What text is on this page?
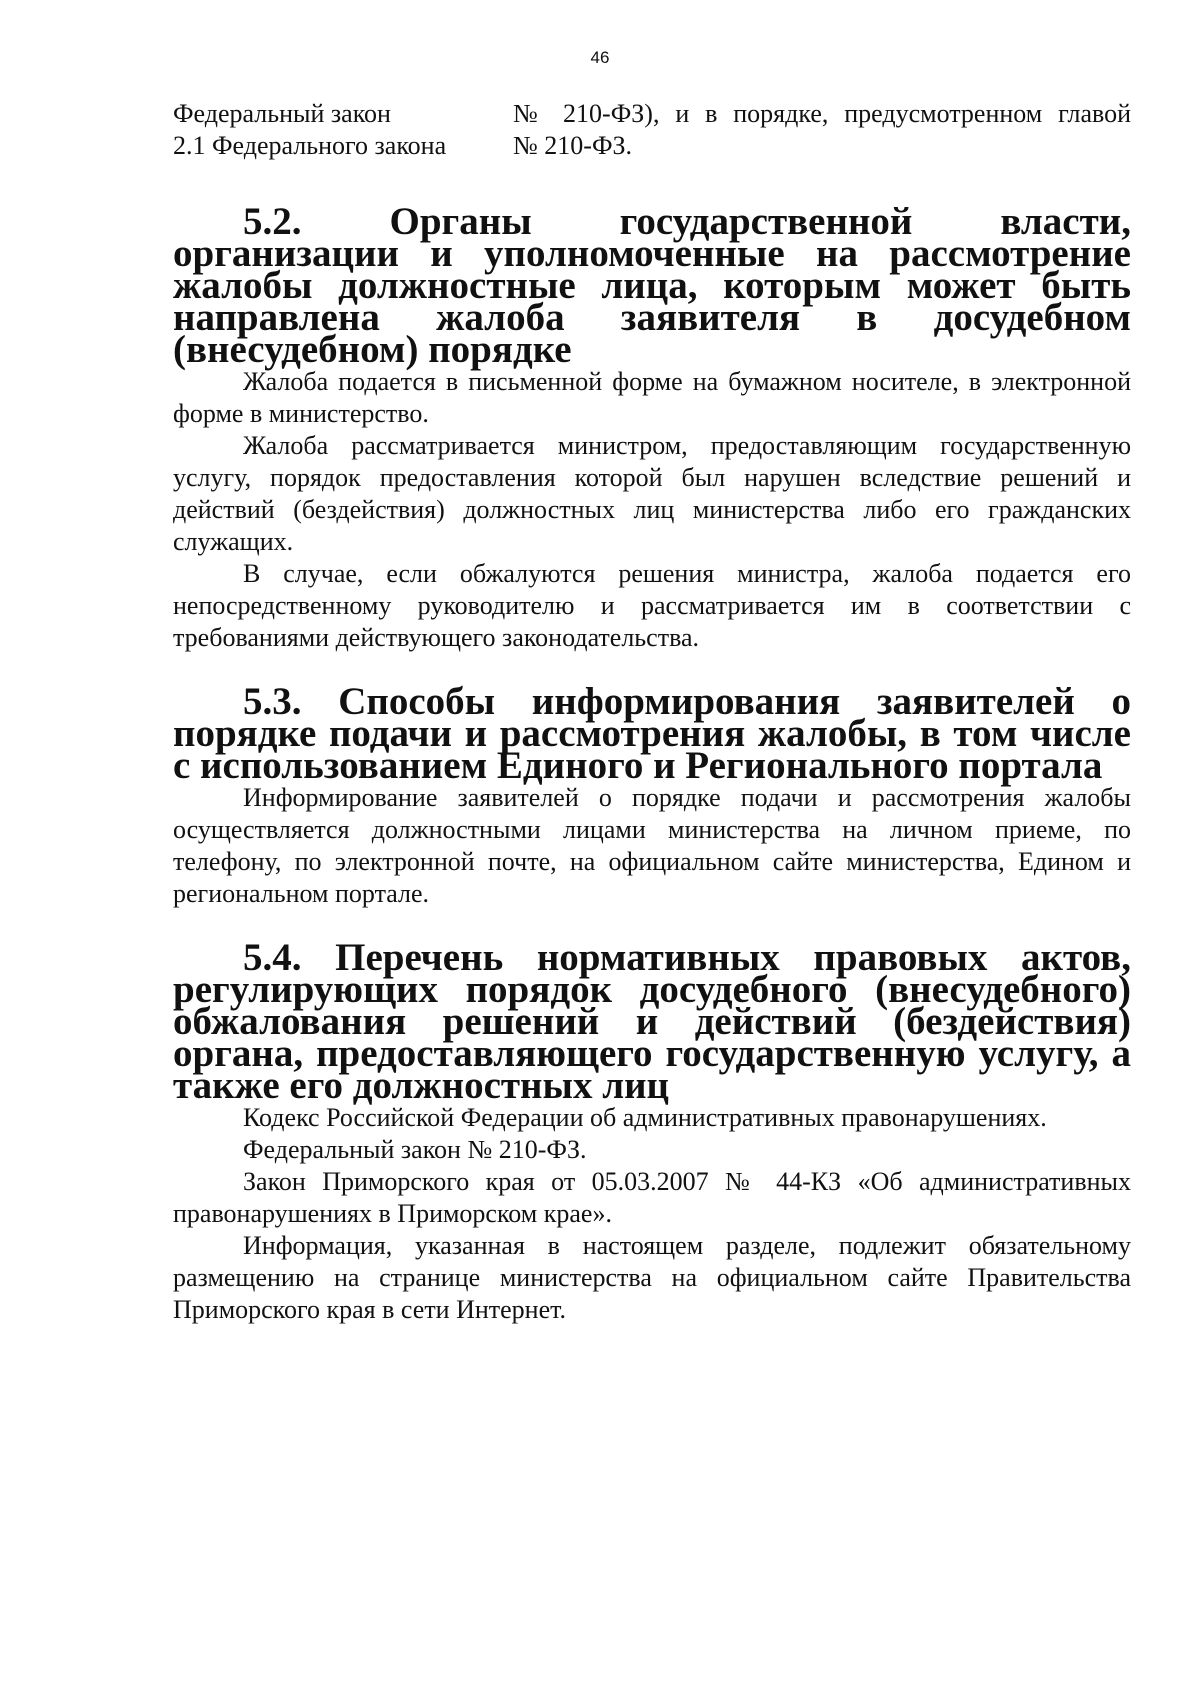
46
Федеральный закон	№ 210-ФЗ), и в порядке, предусмотренном главой
2.1 Федерального закона	№ 210-ФЗ.
5.2. Органы государственной власти, организации и уполномоченные на рассмотрение жалобы должностные лица, которым может быть направлена жалоба заявителя в досудебном (внесудебном) порядке

Жалоба подается в письменной форме на бумажном носителе, в электронной форме в министерство.

Жалоба рассматривается министром, предоставляющим государственную услугу, порядок предоставления которой был нарушен вследствие решений и действий (бездействия) должностных лиц министерства либо его гражданских служащих.

В случае, если обжалуются решения министра, жалоба подается его непосредственному руководителю и рассматривается им в соответствии с требованиями действующего законодательства.

5.3. Способы информирования заявителей о порядке подачи и рассмотрения жалобы, в том числе с использованием Единого и Регионального портала

Информирование заявителей о порядке подачи и рассмотрения жалобы осуществляется должностными лицами министерства на личном приеме, по телефону, по электронной почте, на официальном сайте министерства, Едином и региональном портале.

5.4. Перечень нормативных правовых актов, регулирующих порядок досудебного (внесудебного) обжалования решений и действий (бездействия) органа, предоставляющего государственную услугу, а также его должностных лиц

Кодекс Российской Федерации об административных правонарушениях.

Федеральный закон № 210-ФЗ.

Закон Приморского края от 05.03.2007 № 44-КЗ «Об административных правонарушениях в Приморском крае».

Информация, указанная в настоящем разделе, подлежит обязательному размещению на странице министерства на официальном сайте Правительства Приморского края в сети Интернет.
